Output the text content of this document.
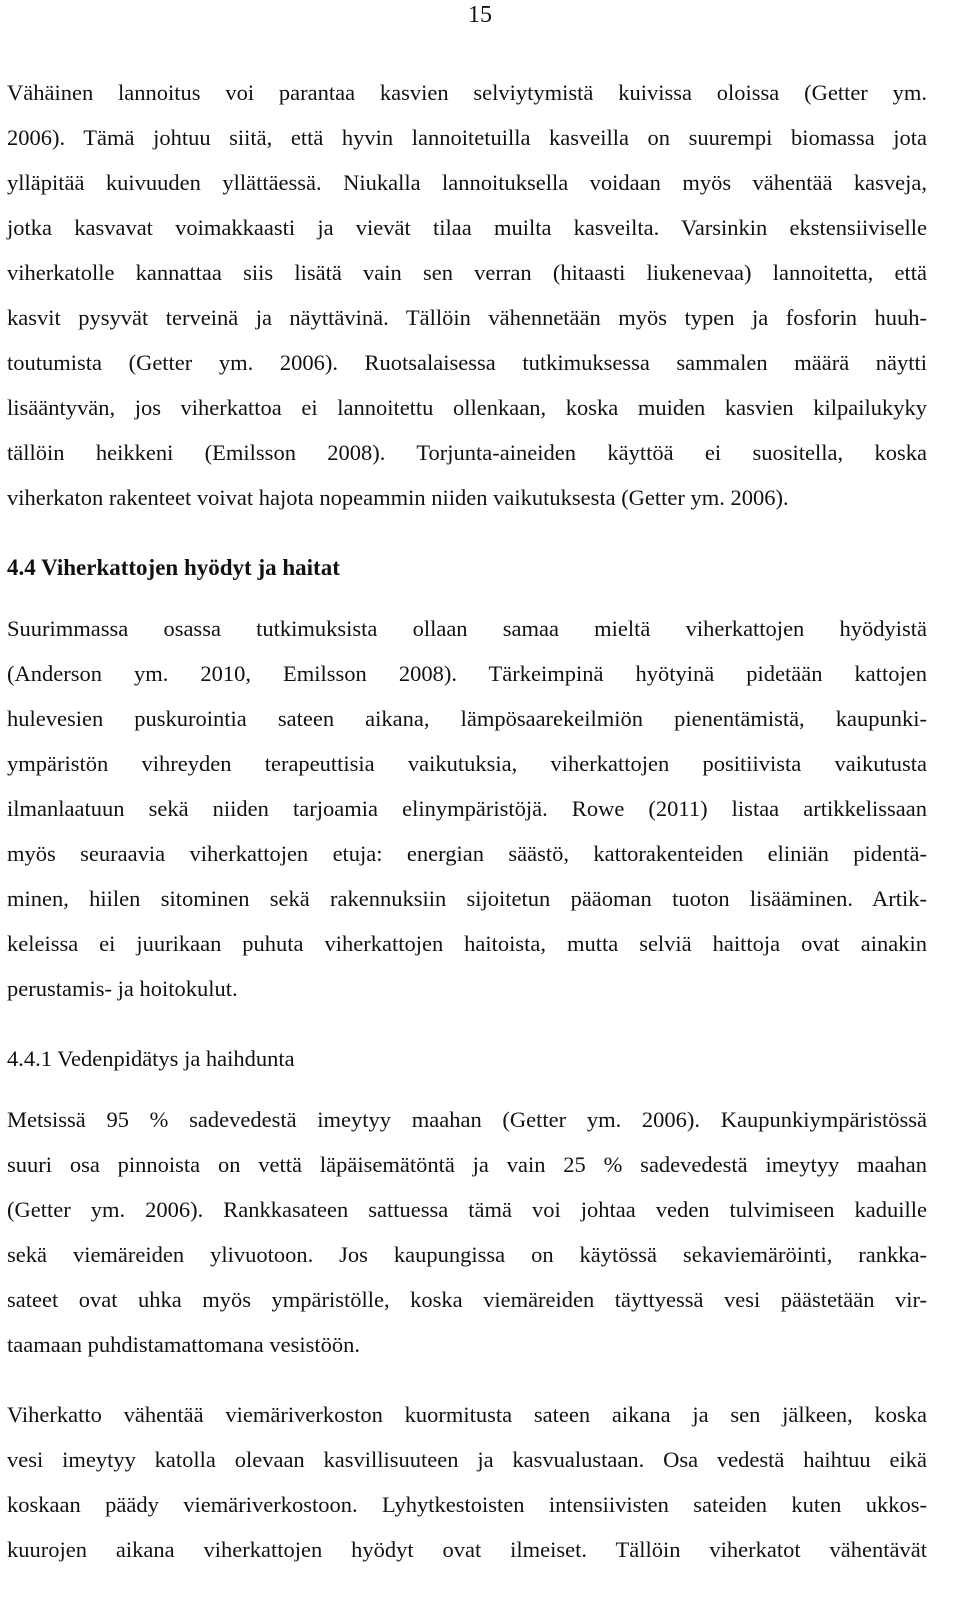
15
Vähäinen lannoitus voi parantaa kasvien selviytymistä kuivissa oloissa (Getter ym.
2006). Tämä johtuu siitä, että hyvin lannoitetuilla kasveilla on suurempi biomassa jota
ylläpitää kuivuuden yllättäessä. Niukalla lannoituksella voidaan myös vähentää kasveja,
jotka kasvavat voimakkaasti ja vievät tilaa muilta kasveilta. Varsinkin ekstensiiviselle
viherkatolle kannattaa siis lisätä vain sen verran (hitaasti liukenevaa) lannoitetta, että
kasvit pysyvät terveinä ja näyttävinä. Tällöin vähennetään myös typen ja fosforin huuh-
toutumista (Getter ym. 2006). Ruotsalaisessa tutkimuksessa sammalen määrä näytti
lisääntyvän, jos viherkattoa ei lannoitettu ollenkaan, koska muiden kasvien kilpailukyky
tällöin heikkeni (Emilsson 2008). Torjunta-aineiden käyttöä ei suositella, koska
viherkaton rakenteet voivat hajota nopeammin niiden vaikutuksesta (Getter ym. 2006).
4.4 Viherkattojen hyödyt ja haitat
Suurimmassa osassa tutkimuksista ollaan samaa mieltä viherkattojen hyödyistä
(Anderson ym. 2010, Emilsson 2008). Tärkeimpinä hyötyinä pidetään kattojen
hulevesien puskurointia sateen aikana, lämpösaarekeilmiön pienentämistä, kaupunki-
ympäristön vihreyden terapeuttisia vaikutuksia, viherkattojen positiivista vaikutusta
ilmanlaatuun sekä niiden tarjoamia elinympäristöjä. Rowe (2011) listaa artikkelissaan
myös seuraavia viherkattojen etuja: energian säästö, kattorakenteiden eliniän pidentä-
minen, hiilen sitominen sekä rakennuksiin sijoitetun pääoman tuoton lisääminen. Artik-
keleissa ei juurikaan puhuta viherkattojen haitoista, mutta selviä haittoja ovat ainakin
perustamis- ja hoitokulut.
4.4.1 Vedenpidätys ja haihdunta
Metsissä 95 % sadevedestä imeytyy maahan (Getter ym. 2006). Kaupunkiympäristössä
suuri osa pinnoista on vettä läpäisemätöntä ja vain 25 % sadevedestä imeytyy maahan
(Getter ym. 2006). Rankkasateen sattuessa tämä voi johtaa veden tulvimiseen kaduille
sekä viemäreiden ylivuotoon. Jos kaupungissa on käytössä sekaviemäröinti, rankka-
sateet ovat uhka myös ympäristölle, koska viemäreiden täyttyessä vesi päästetään vir-
taamaan puhdistamattomana vesistöön.
Viherkatto vähentää viemäriverkoston kuormitusta sateen aikana ja sen jälkeen, koska
vesi imeytyy katolla olevaan kasvillisuuteen ja kasvualustaan. Osa vedestä haihtuu eikä
koskaan päädy viemäriverkostoon. Lyhytkestoisten intensiivisten sateiden kuten ukkos-
kuurojen aikana viherkattojen hyödyt ovat ilmeiset. Tällöin viherkatot vähentävät
